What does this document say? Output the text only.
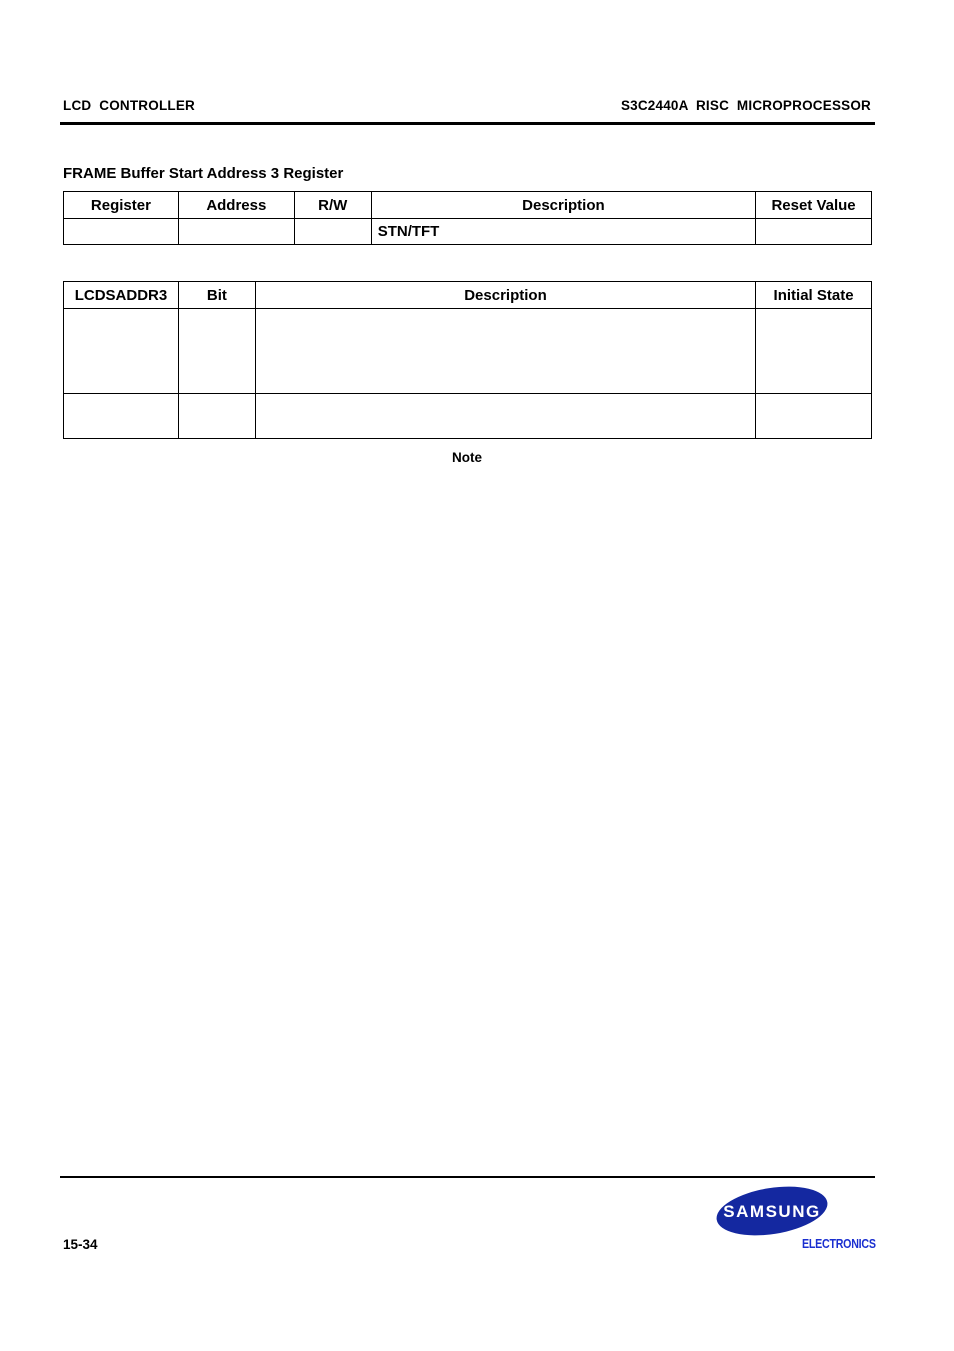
LCD  CONTROLLER	S3C2440A  RISC  MICROPROCESSOR
FRAME Buffer Start Address 3 Register
Register	Address	R/W	Description	Reset Value
			STN/TFT	
LCDSADDR3	Bit	Description	Initial State

Note
SAMSUNG
15-34	ELECTRONICS
